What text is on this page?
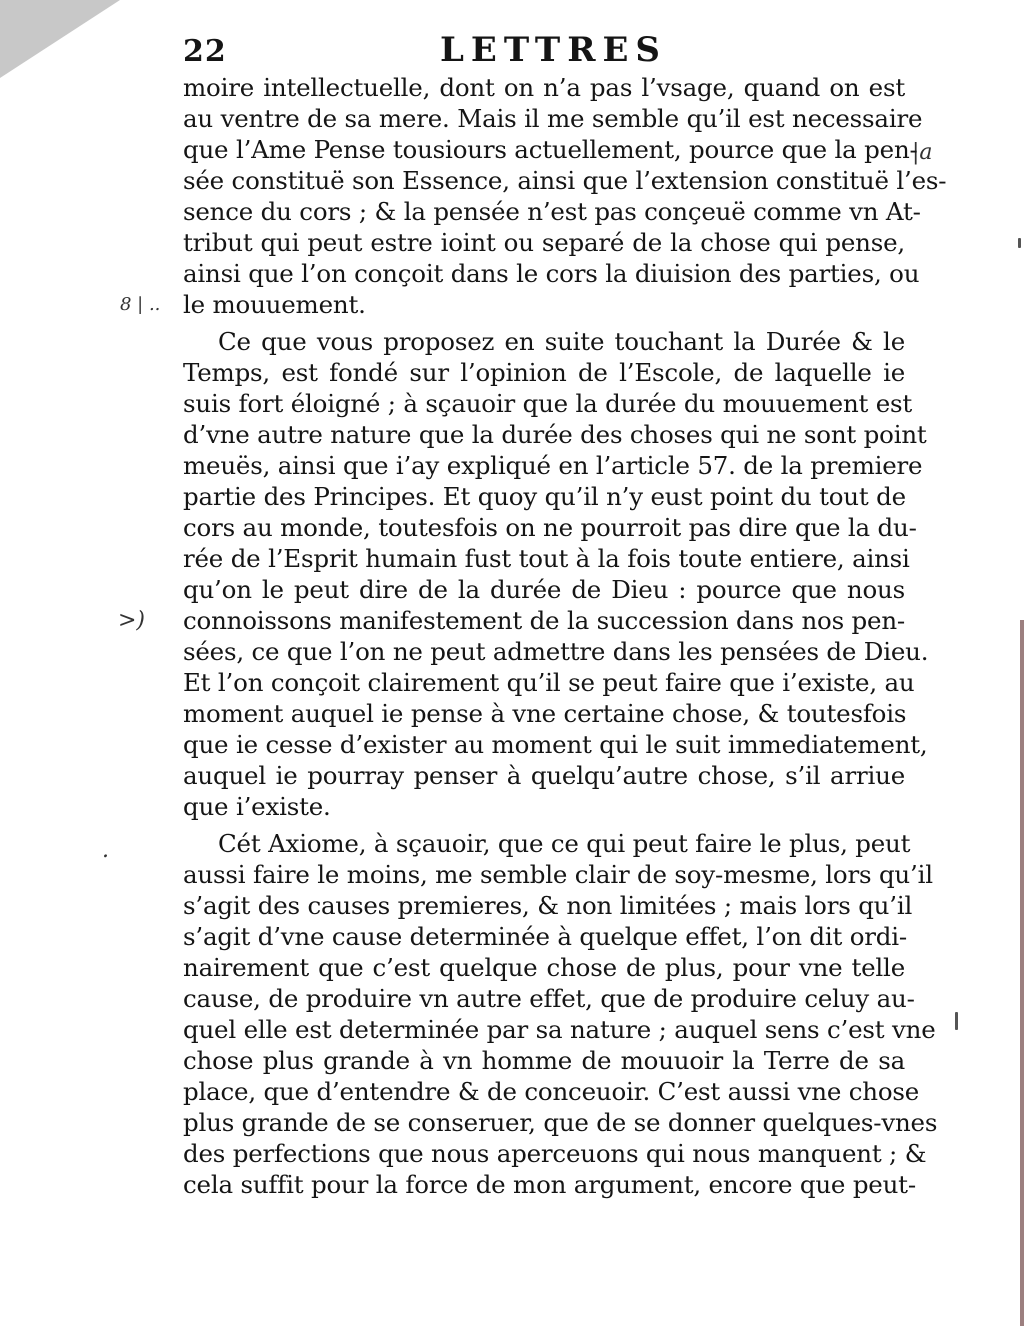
22	LETTRES
|a
8 | ..
>)
.
moire intellectuelle, dont on n’a pas l’vsage, quand on est
au ventre de sa mere. Mais il me semble qu’il est necessaire
que l’Ame Pense tousiours actuellement, pource que la pen-
sée constituë son Essence, ainsi que l’extension constituë l’es-
sence du cors ; & la pensée n’est pas conçeuë comme vn At-
tribut qui peut estre ioint ou separé de la chose qui pense,
ainsi que l’on conçoit dans le cors la diuision des parties, ou
le mouuement.
Ce que vous proposez en suite touchant la Durée & le
Temps, est fondé sur l’opinion de l’Escole, de laquelle ie
suis fort éloigné ; à sçauoir que la durée du mouuement est
d’vne autre nature que la durée des choses qui ne sont point
meuës, ainsi que i’ay expliqué en l’article 57. de la premiere
partie des Principes. Et quoy qu’il n’y eust point du tout de
cors au monde, toutesfois on ne pourroit pas dire que la du-
rée de l’Esprit humain fust tout à la fois toute entiere, ainsi
qu’on le peut dire de la durée de Dieu : pource que nous
connoissons manifestement de la succession dans nos pen-
sées, ce que l’on ne peut admettre dans les pensées de Dieu.
Et l’on conçoit clairement qu’il se peut faire que i’existe, au
moment auquel ie pense à vne certaine chose, & toutesfois
que ie cesse d’exister au moment qui le suit immediatement,
auquel ie pourray penser à quelqu’autre chose, s’il arriue
que i’existe.
Cét Axiome, à sçauoir, que ce qui peut faire le plus, peut
aussi faire le moins, me semble clair de soy-mesme, lors qu’il
s’agit des causes premieres, & non limitées ; mais lors qu’il
s’agit d’vne cause determinée à quelque effet, l’on dit ordi-
nairement que c’est quelque chose de plus, pour vne telle
cause, de produire vn autre effet, que de produire celuy au-
quel elle est determinée par sa nature ; auquel sens c’est vne
chose plus grande à vn homme de mouuoir la Terre de sa
place, que d’entendre & de conceuoir. C’est aussi vne chose
plus grande de se conseruer, que de se donner quelques-vnes
des perfections que nous aperceuons qui nous manquent ; &
cela suffit pour la force de mon argument, encore que peut-
